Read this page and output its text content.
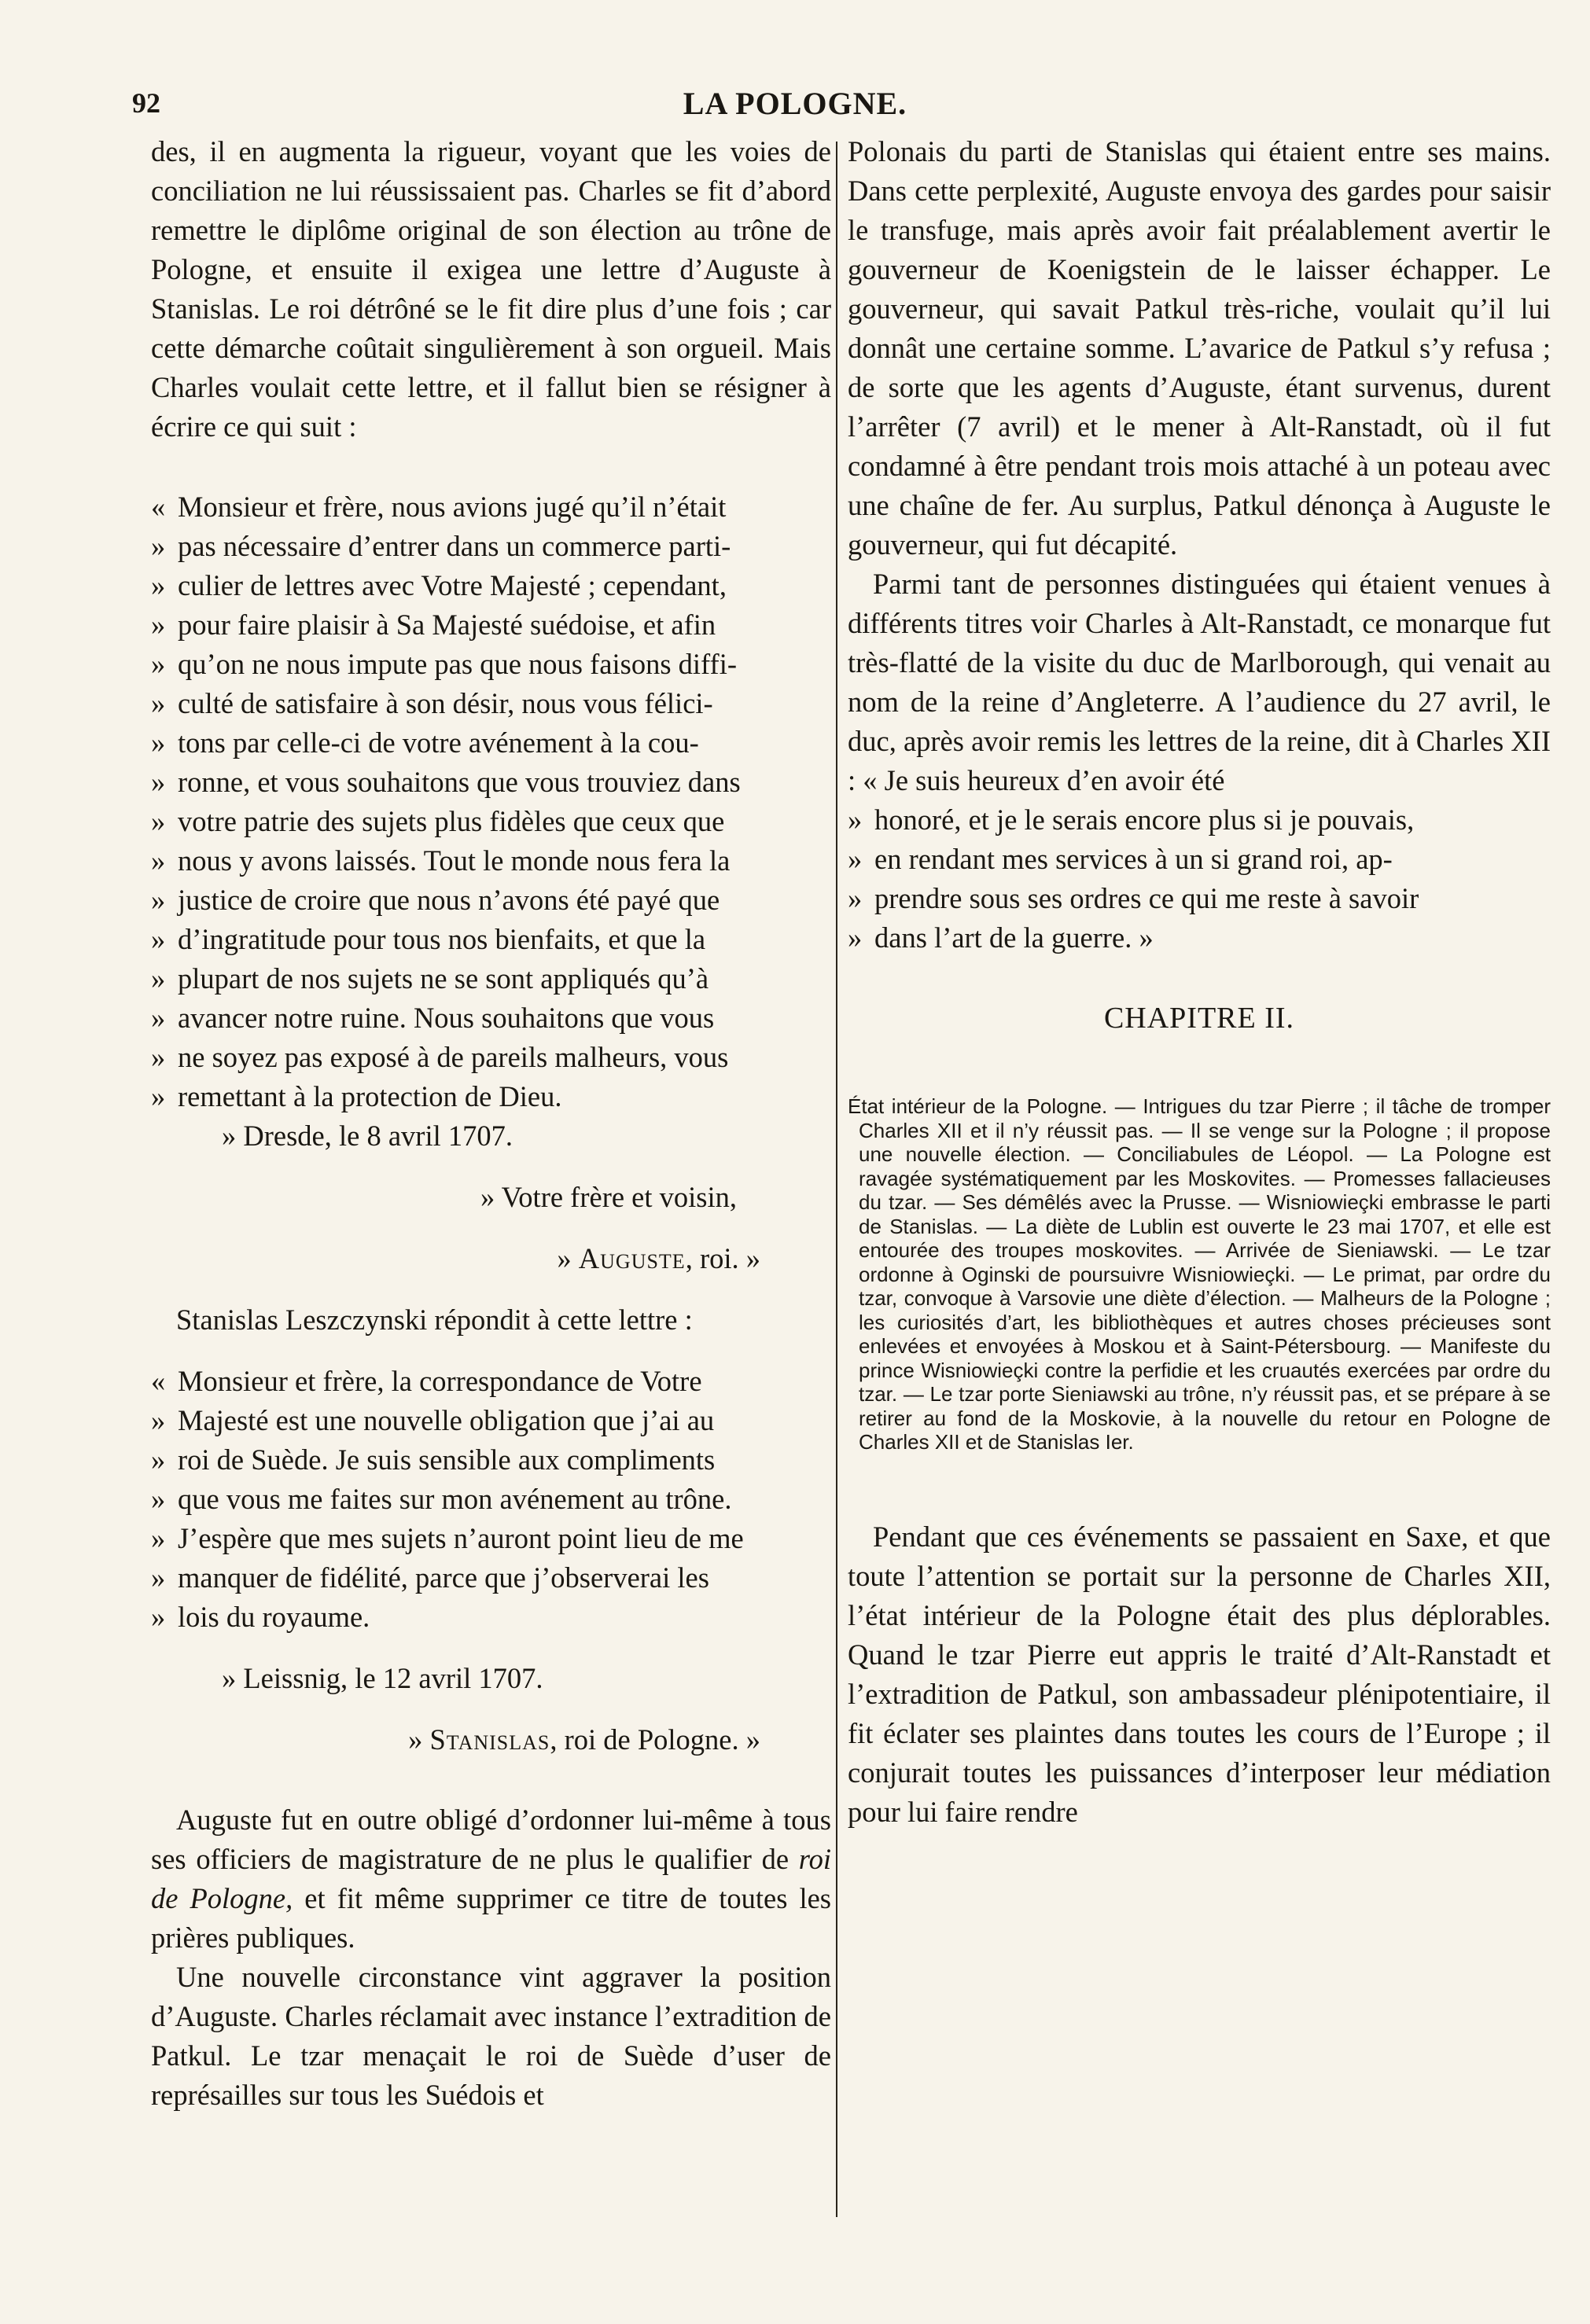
92	LA POLOGNE.

des, il en augmenta la rigueur, voyant que les voies de conciliation ne lui réussissaient pas. Charles se fit d’abord remettre le diplôme original de son élection au trône de Pologne, et ensuite il exigea une lettre d’Auguste à Stanislas. Le roi détrôné se le fit dire plus d’une fois ; car cette démarche coûtait singulièrement à son orgueil. Mais Charles voulait cette lettre, et il fallut bien se résigner à écrire ce qui suit :

« Monsieur et frère, nous avions jugé qu’il n’était

» pas nécessaire d’entrer dans un commerce parti-

» culier de lettres avec Votre Majesté ; cependant,

» pour faire plaisir à Sa Majesté suédoise, et afin

» qu’on ne nous impute pas que nous faisons diffi-

» culté de satisfaire à son désir, nous vous félici-

» tons par celle-ci de votre avénement à la cou-

» ronne, et vous souhaitons que vous trouviez dans

» votre patrie des sujets plus fidèles que ceux que

» nous y avons laissés. Tout le monde nous fera la

» justice de croire que nous n’avons été payé que

» d’ingratitude pour tous nos bienfaits, et que la

» plupart de nos sujets ne se sont appliqués qu’à

» avancer notre ruine. Nous souhaitons que vous

» ne soyez pas exposé à de pareils malheurs, vous

» remettant à la protection de Dieu.

» Dresde, le 8 avril 1707.

» Votre frère et voisin,

» Auguste, roi. »

Stanislas Leszczynski répondit à cette lettre :

« Monsieur et frère, la correspondance de Votre

» Majesté est une nouvelle obligation que j’ai au

» roi de Suède. Je suis sensible aux compliments

» que vous me faites sur mon avénement au trône.

» J’espère que mes sujets n’auront point lieu de me

» manquer de fidélité, parce que j’observerai les

» lois du royaume.

» Leissnig, le 12 avril 1707.

» Stanislas, roi de Pologne. »

Auguste fut en outre obligé d’ordonner lui-même à tous ses officiers de magistrature de ne plus le qualifier de roi de Pologne, et fit même supprimer ce titre de toutes les prières publiques.

Une nouvelle circonstance vint aggraver la position d’Auguste. Charles réclamait avec instance l’extradition de Patkul. Le tzar menaçait le roi de Suède d’user de représailles sur tous les Suédois et

Polonais du parti de Stanislas qui étaient entre ses mains. Dans cette perplexité, Auguste envoya des gardes pour saisir le transfuge, mais après avoir fait préalablement avertir le gouverneur de Koenigstein de le laisser échapper. Le gouverneur, qui savait Patkul très-riche, voulait qu’il lui donnât une certaine somme. L’avarice de Patkul s’y refusa ; de sorte que les agents d’Auguste, étant survenus, durent l’arrêter (7 avril) et le mener à Alt-Ranstadt, où il fut condamné à être pendant trois mois attaché à un poteau avec une chaîne de fer. Au surplus, Patkul dénonça à Auguste le gouverneur, qui fut décapité.

Parmi tant de personnes distinguées qui étaient venues à différents titres voir Charles à Alt-Ranstadt, ce monarque fut très-flatté de la visite du duc de Marlborough, qui venait au nom de la reine d’Angleterre. A l’audience du 27 avril, le duc, après avoir remis les lettres de la reine, dit à Charles XII : « Je suis heureux d’en avoir été

» honoré, et je le serais encore plus si je pouvais,

» en rendant mes services à un si grand roi, ap-

» prendre sous ses ordres ce qui me reste à savoir

» dans l’art de la guerre. »

CHAPITRE II.

État intérieur de la Pologne. — Intrigues du tzar Pierre ; il tâche de tromper Charles XII et il n’y réussit pas. — Il se venge sur la Pologne ; il propose une nouvelle élection. — Conciliabules de Léopol. — La Pologne est ravagée systématiquement par les Moskovites. — Promesses fallacieuses du tzar. — Ses démêlés avec la Prusse. — Wisniowieçki embrasse le parti de Stanislas. — La diète de Lublin est ouverte le 23 mai 1707, et elle est entourée des troupes moskovites. — Arrivée de Sieniawski. — Le tzar ordonne à Oginski de poursuivre Wisniowieçki. — Le primat, par ordre du tzar, convoque à Varsovie une diète d’élection. — Malheurs de la Pologne ; les curiosités d’art, les bibliothèques et autres choses précieuses sont enlevées et envoyées à Moskou et à Saint-Pétersbourg. — Manifeste du prince Wisniowieçki contre la perfidie et les cruautés exercées par ordre du tzar. — Le tzar porte Sieniawski au trône, n’y réussit pas, et se prépare à se retirer au fond de la Moskovie, à la nouvelle du retour en Pologne de Charles XII et de Stanislas Ier.

Pendant que ces événements se passaient en Saxe, et que toute l’attention se portait sur la personne de Charles XII, l’état intérieur de la Pologne était des plus déplorables. Quand le tzar Pierre eut appris le traité d’Alt-Ranstadt et l’extradition de Patkul, son ambassadeur plénipotentiaire, il fit éclater ses plaintes dans toutes les cours de l’Europe ; il conjurait toutes les puissances d’interposer leur médiation pour lui faire rendre
